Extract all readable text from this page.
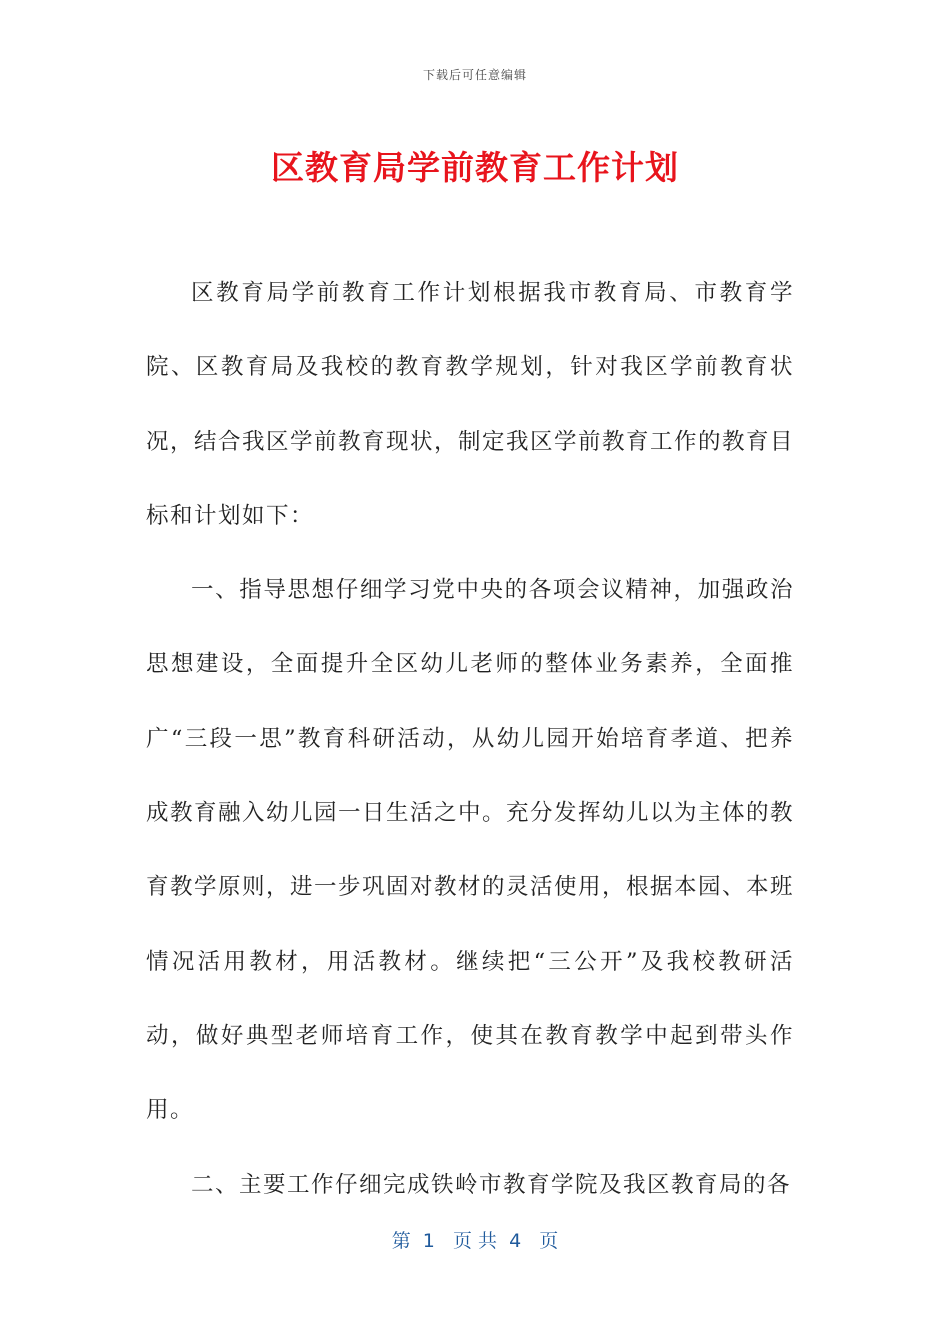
下载后可任意编辑
区教育局学前教育工作计划

区教育局学前教育工作计划根据我市教育局、市教育学院、区教育局及我校的教育教学规划，针对我区学前教育状况，结合我区学前教育现状，制定我区学前教育工作的教育目标和计划如下：

一、指导思想仔细学习党中央的各项会议精神，加强政治思想建设，全面提升全区幼儿老师的整体业务素养，全面推广“三段一思”教育科研活动，从幼儿园开始培育孝道、把养成教育融入幼儿园一日生活之中。充分发挥幼儿以为主体的教育教学原则，进一步巩固对教材的灵活使用，根据本园、本班情况活用教材，用活教材。继续把“三公开”及我校教研活动，做好典型老师培育工作，使其在教育教学中起到带头作用。

二、主要工作仔细完成铁岭市教育学院及我区教育局的各

第  1   页 共  4   页
